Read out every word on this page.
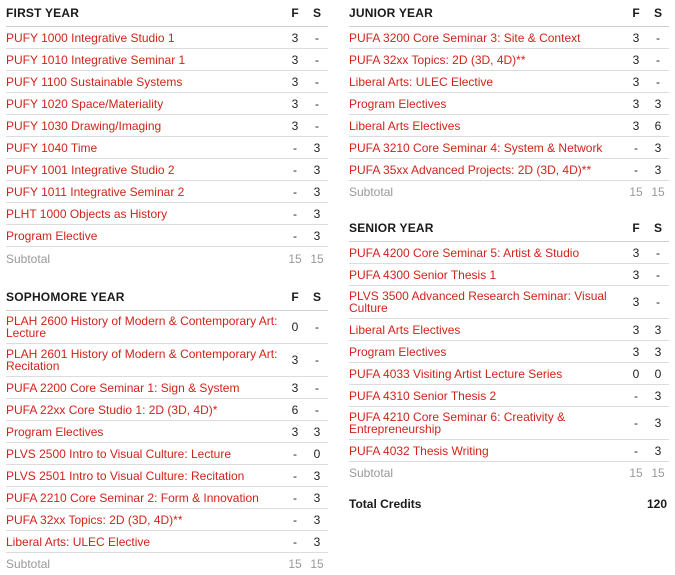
FIRST YEAR	F	S
PUFY 1000 Integrative Studio 1	3	-
PUFY 1010 Integrative Seminar 1	3	-
PUFY 1100 Sustainable Systems	3	-
PUFY 1020 Space/Materiality	3	-
PUFY 1030 Drawing/Imaging	3	-
PUFY 1040 Time	-	3
PUFY 1001 Integrative Studio 2	-	3
PUFY 1011 Integrative Seminar 2	-	3
PLHT 1000 Objects as History	-	3
Program Elective	-	3
Subtotal	15 15
SOPHOMORE YEAR	F	S
PLAH 2600 History of Modern & Contemporary Art: Lecture	0	-
PLAH 2601 History of Modern & Contemporary Art: Recitation	3	-
PUFA 2200 Core Seminar 1: Sign & System	3	-
PUFA 22xx Core Studio 1: 2D (3D, 4D)*	6	-
Program Electives	3	3
PLVS 2500 Intro to Visual Culture: Lecture	-	0
PLVS 2501 Intro to Visual Culture: Recitation	-	3
PUFA 2210 Core Seminar 2: Form & Innovation	-	3
PUFA 32xx Topics: 2D (3D, 4D)**	-	3
Liberal Arts: ULEC Elective	-	3
Subtotal	15 15
JUNIOR YEAR	F	S
PUFA 3200 Core Seminar 3: Site & Context	3	-
PUFA 32xx Topics: 2D (3D, 4D)**	3	-
Liberal Arts: ULEC Elective	3	-
Program Electives	3	3
Liberal Arts Electives	3	6
PUFA 3210 Core Seminar 4: System & Network	-	3
PUFA 35xx Advanced Projects: 2D (3D, 4D)**	-	3
Subtotal	15 15
SENIOR YEAR	F	S
PUFA 4200 Core Seminar 5: Artist & Studio	3	-
PUFA 4300 Senior Thesis 1	3	-
PLVS 3500 Advanced Research Seminar: Visual Culture	3	-
Liberal Arts Electives	3	3
Program Electives	3	3
PUFA 4033 Visiting Artist Lecture Series	0	0
PUFA 4310 Senior Thesis 2	-	3
PUFA 4210 Core Seminar 6: Creativity & Entrepreneurship	-	3
PUFA 4032 Thesis Writing	-	3
Subtotal	15 15
Total Credits	120
